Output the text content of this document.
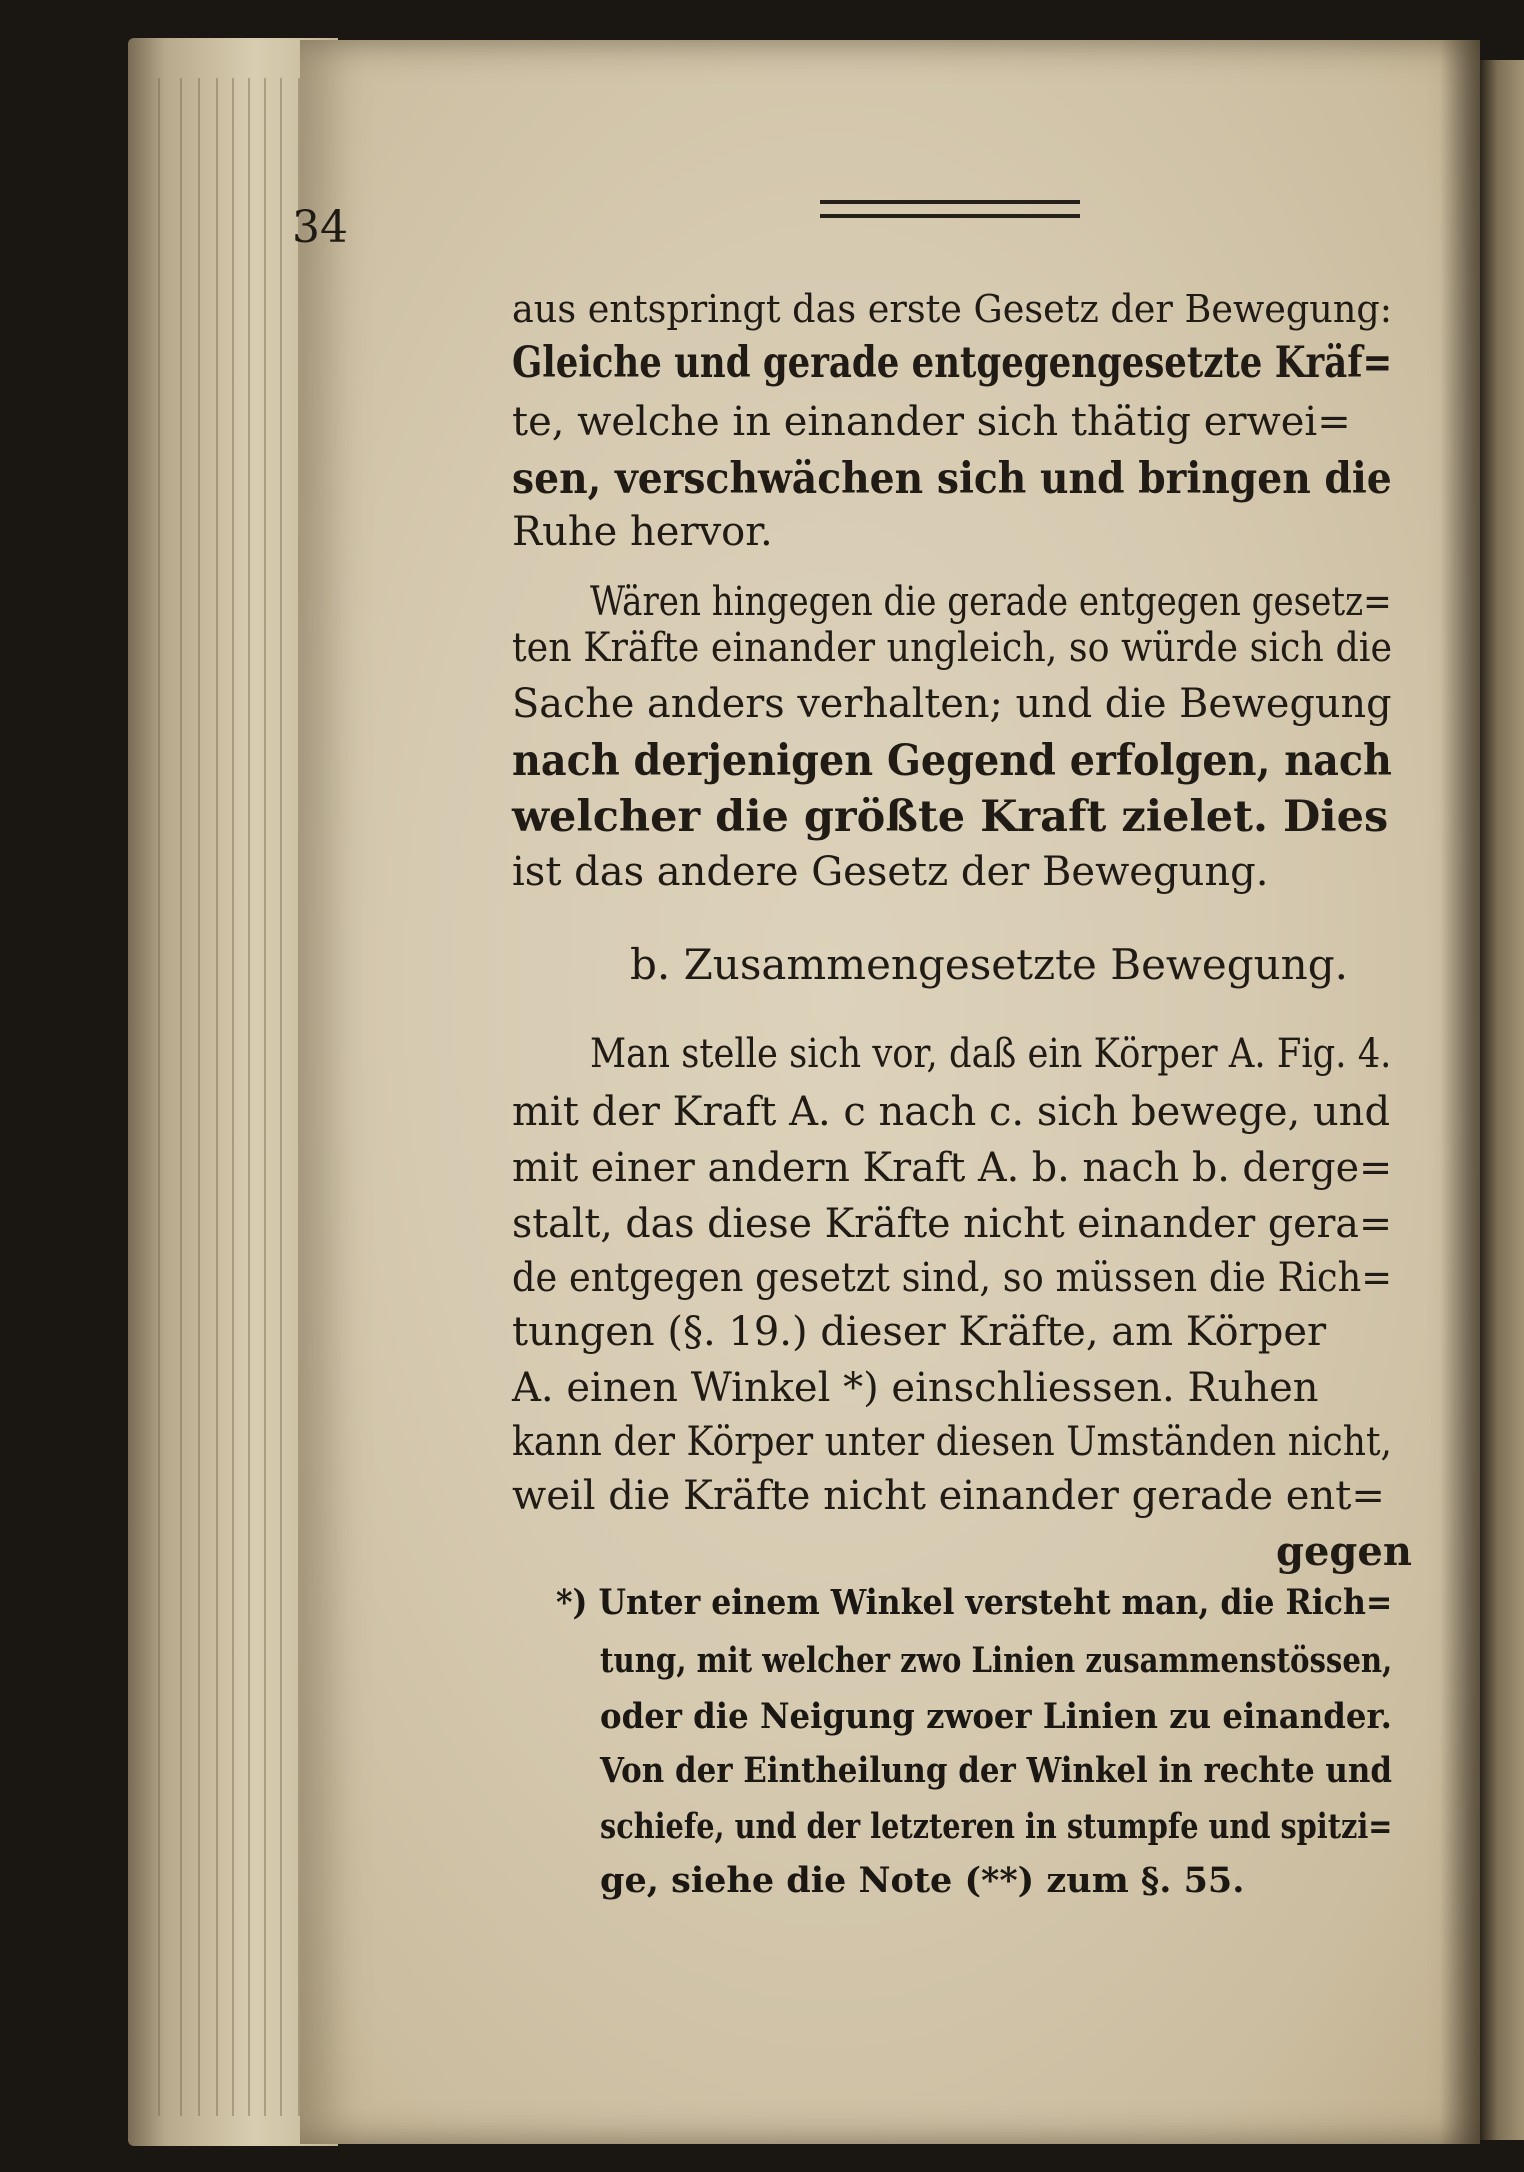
34
aus entspringt das erste Gesetz der Bewegung:
Gleiche und gerade entgegengesetzte Kräf=
te, welche in einander sich thätig erwei=
sen, verschwächen sich und bringen die
Ruhe hervor.
Wären hingegen die gerade entgegen gesetz=
ten Kräfte einander ungleich, so würde sich die
Sache anders verhalten; und die Bewegung
nach derjenigen Gegend erfolgen, nach
welcher die größte Kraft zielet. Dies
ist das andere Gesetz der Bewegung.
b. Zusammengesetzte Bewegung.
Man stelle sich vor, daß ein Körper A. Fig. 4.
mit der Kraft A. c nach c. sich bewege, und
mit einer andern Kraft A. b. nach b. derge=
stalt, das diese Kräfte nicht einander gera=
de entgegen gesetzt sind, so müssen die Rich=
tungen (§. 19.) dieser Kräfte, am Körper
A. einen Winkel *) einschliessen. Ruhen
kann der Körper unter diesen Umständen nicht,
weil die Kräfte nicht einander gerade ent=
gegen
*) Unter einem Winkel versteht man, die Rich=
tung, mit welcher zwo Linien zusammenstössen,
oder die Neigung zwoer Linien zu einander.
Von der Eintheilung der Winkel in rechte und
schiefe, und der letzteren in stumpfe und spitzi=
ge, siehe die Note (**) zum §. 55.
